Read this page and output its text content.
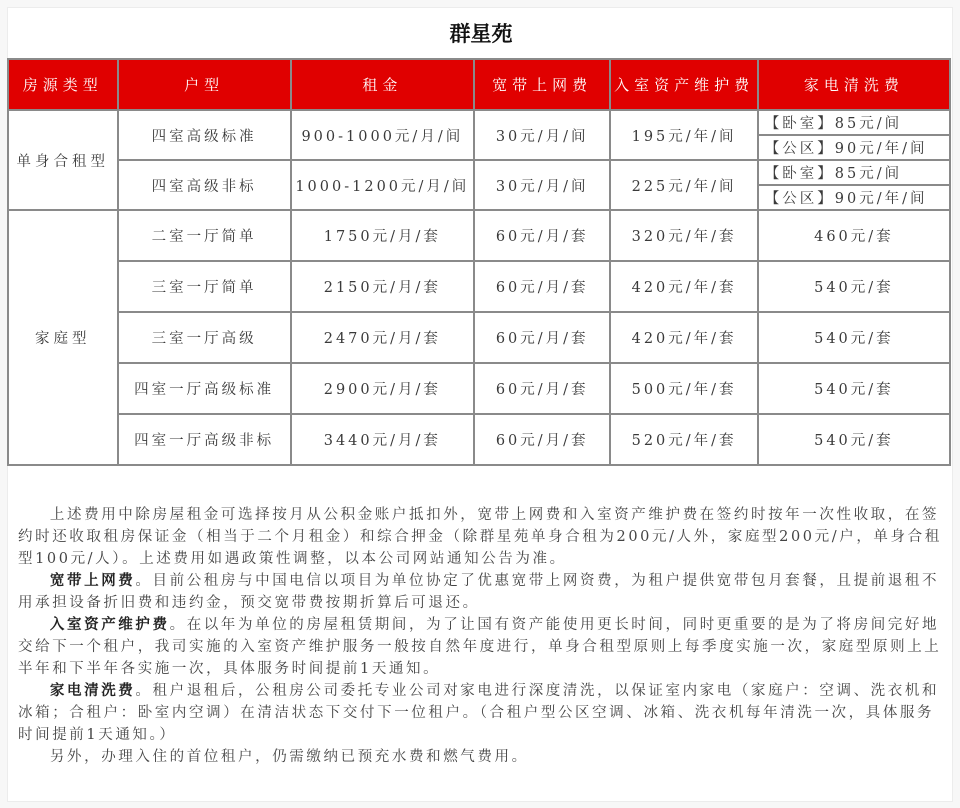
群星苑
房源类型	户型	租金	宽带上网费	入室资产维护费	家电清洗费
单身合租型	四室高级标准	900-1000元/月/间	30元/月/间	195元/年/间	【卧室】85元/间
					【公区】90元/年/间
	四室高级非标	1000-1200元/月/间	30元/月/间	225元/年/间	【卧室】85元/间
					【公区】90元/年/间
家庭型	二室一厅简单	1750元/月/套	60元/月/套	320元/年/套	460元/套
	三室一厅简单	2150元/月/套	60元/月/套	420元/年/套	540元/套
	三室一厅高级	2470元/月/套	60元/月/套	420元/年/套	540元/套
	四室一厅高级标准	2900元/月/套	60元/月/套	500元/年/套	540元/套
	四室一厅高级非标	3440元/月/套	60元/月/套	520元/年/套	540元/套

上述费用中除房屋租金可选择按月从公积金账户抵扣外，宽带上网费和入室资产维护费在签约时按年一次性收取，在签约时还收取租房保证金（相当于二个月租金）和综合押金（除群星苑单身合租为200元/人外，家庭型200元/户，单身合租型100元/人）。上述费用如遇政策性调整，以本公司网站通知公告为准。

宽带上网费。目前公租房与中国电信以项目为单位协定了优惠宽带上网资费，为租户提供宽带包月套餐，且提前退租不用承担设备折旧费和违约金，预交宽带费按期折算后可退还。

入室资产维护费。在以年为单位的房屋租赁期间，为了让国有资产能使用更长时间，同时更重要的是为了将房间完好地交给下一个租户，我司实施的入室资产维护服务一般按自然年度进行，单身合租型原则上每季度实施一次，家庭型原则上上半年和下半年各实施一次，具体服务时间提前1天通知。

家电清洗费。租户退租后，公租房公司委托专业公司对家电进行深度清洗，以保证室内家电（家庭户：空调、洗衣机和冰箱；合租户：卧室内空调）在清洁状态下交付下一位租户。（合租户型公区空调、冰箱、洗衣机每年清洗一次，具体服务时间提前1天通知。）

另外，办理入住的首位租户，仍需缴纳已预充水费和燃气费用。
